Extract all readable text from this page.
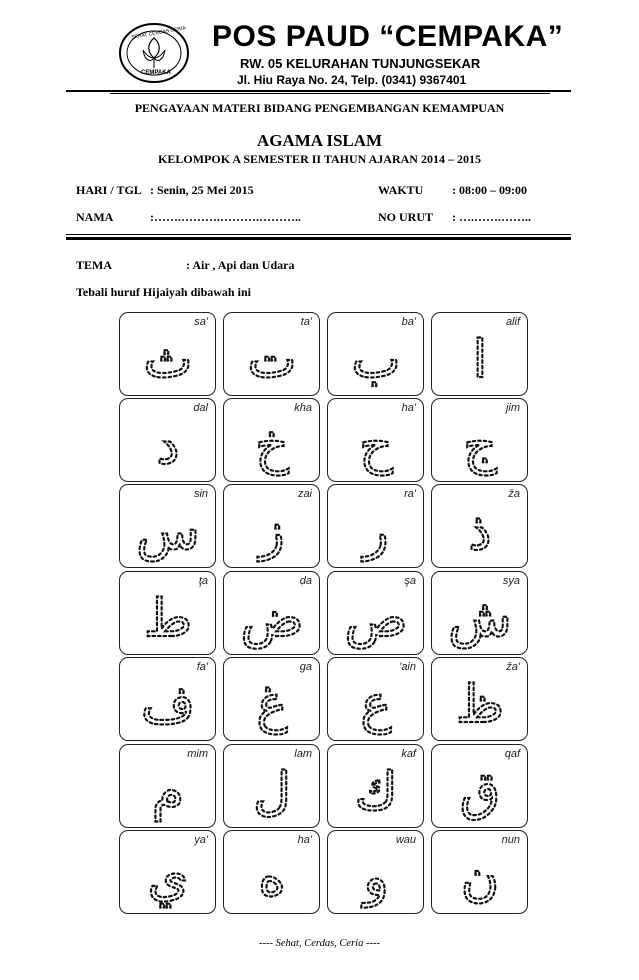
SEHAT CERDAS CERIA
CEMPAKA
POS PAUD “CEMPAKA”
RW. 05 KELURAHAN TUNJUNGSEKAR
Jl. Hiu Raya No. 24, Telp. (0341) 9367401
PENGAYAAN MATERI BIDANG PENGEMBANGAN KEMAMPUAN
AGAMA ISLAM
KELOMPOK A SEMESTER II TAHUN AJARAN 2014 – 2015
HARI / TGL : Senin, 25 Mei 2015	WAKTU : 08:00 – 09:00
NAMA	:…….……….……….………..	NO URUT : ….…….……..
TEMA	: Air , Api dan Udara
Tebali huruf Hijaiyah dibawah ini
sa'
ث
ta'
ت
ba'
ب
alif
ا
dal
د
kha
خ
ha'
ح
jim
ج
sin
س
zai
ز
ra'
ر
ža
ذ
ţa
ط
ḍa
ض
şa
ص
sya
ش
fa'
ف
ga
غ
'ain
ع
ža'
ظ
mim
م
lam
ل
kaf
ك
qaf
ق
ya'
ي
ha'
ه
wau
و
nun
ن
---- Sehat, Cerdas, Ceria ----
